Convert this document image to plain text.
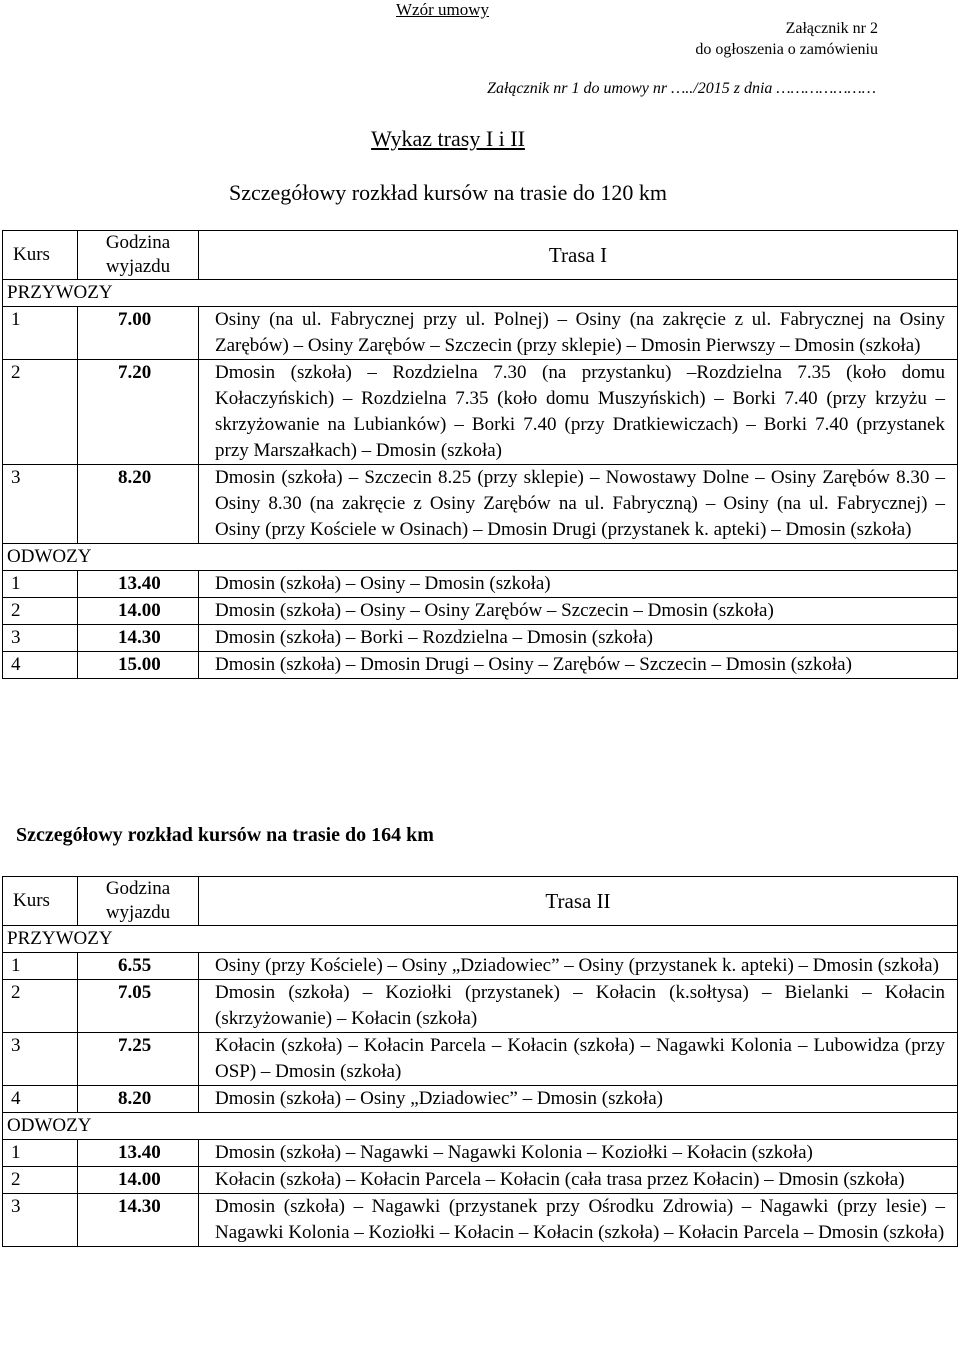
Wzór umowy
Załącznik nr 2
do ogłoszenia o zamówieniu
Załącznik nr 1 do umowy nr …../2015 z dnia …………………
Wykaz trasy I i II
Szczegółowy rozkład kursów na trasie do 120 km
Kurs	Godzina wyjazdu	Trasa I
PRZYWOZY		
1	7.00	Osiny (na ul. Fabrycznej przy ul. Polnej) – Osiny (na zakręcie z ul. Fabrycznej na Osiny Zarębów) – Osiny Zarębów – Szczecin (przy sklepie) – Dmosin Pierwszy – Dmosin (szkoła)
2	7.20	Dmosin (szkoła) – Rozdzielna 7.30 (na przystanku) –Rozdzielna 7.35 (koło domu Kołaczyńskich) – Rozdzielna 7.35 (koło domu Muszyńskich) – Borki 7.40 (przy krzyżu – skrzyżowanie na Lubianków) – Borki 7.40 (przy Dratkiewiczach) – Borki 7.40 (przystanek przy Marszałkach) – Dmosin (szkoła)
3	8.20	Dmosin (szkoła) – Szczecin 8.25 (przy sklepie) – Nowostawy Dolne – Osiny Zarębów 8.30 – Osiny 8.30 (na zakręcie z Osiny Zarębów na ul. Fabryczną) – Osiny (na ul. Fabrycznej) – Osiny (przy Kościele w Osinach) – Dmosin Drugi (przystanek k. apteki) – Dmosin (szkoła)
ODWOZY		
1	13.40	Dmosin (szkoła) – Osiny – Dmosin (szkoła)
2	14.00	Dmosin (szkoła) – Osiny – Osiny Zarębów – Szczecin – Dmosin (szkoła)
3	14.30	Dmosin (szkoła) – Borki – Rozdzielna – Dmosin (szkoła)
4	15.00	Dmosin (szkoła) – Dmosin Drugi – Osiny – Zarębów – Szczecin – Dmosin (szkoła)
Szczegółowy rozkład kursów na trasie do 164 km
Kurs	Godzina wyjazdu	Trasa II
PRZYWOZY		
1	6.55	Osiny (przy Kościele) – Osiny „Dziadowiec” – Osiny (przystanek k. apteki) – Dmosin (szkoła)
2	7.05	Dmosin (szkoła) – Koziołki (przystanek) – Kołacin (k.sołtysa) – Bielanki – Kołacin (skrzyżowanie) – Kołacin (szkoła)
3	7.25	Kołacin (szkoła) – Kołacin Parcela – Kołacin (szkoła) – Nagawki Kolonia – Lubowidza (przy OSP) – Dmosin (szkoła)
4	8.20	Dmosin (szkoła) – Osiny „Dziadowiec” – Dmosin (szkoła)
ODWOZY		
1	13.40	Dmosin (szkoła) – Nagawki – Nagawki Kolonia – Koziołki – Kołacin (szkoła)
2	14.00	Kołacin (szkoła) – Kołacin Parcela – Kołacin (cała trasa przez Kołacin) – Dmosin (szkoła)
3	14.30	Dmosin (szkoła) – Nagawki (przystanek przy Ośrodku Zdrowia) – Nagawki (przy lesie) – Nagawki Kolonia – Koziołki – Kołacin – Kołacin (szkoła) – Kołacin Parcela – Dmosin (szkoła)
